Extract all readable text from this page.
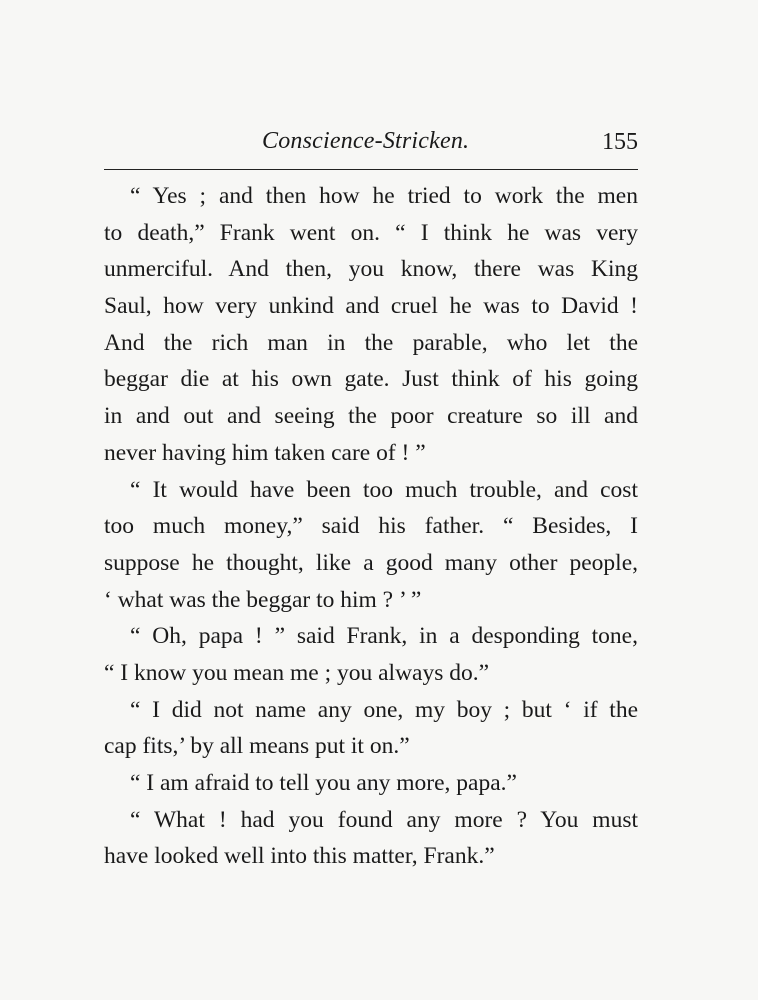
Conscience-Stricken.	155
“ Yes ; and then how he tried to work the men
to death,” Frank went on. “ I think he was very
unmerciful. And then, you know, there was King
Saul, how very unkind and cruel he was to David !
And the rich man in the parable, who let the
beggar die at his own gate. Just think of his going
in and out and seeing the poor creature so ill and
never having him taken care of ! ”
“ It would have been too much trouble, and cost
too much money,” said his father. “ Besides, I
suppose he thought, like a good many other people,
‘ what was the beggar to him ? ’ ”
“ Oh, papa ! ” said Frank, in a desponding tone,
“ I know you mean me ; you always do.”
“ I did not name any one, my boy ; but ‘ if the
cap fits,’ by all means put it on.”
“ I am afraid to tell you any more, papa.”
“ What ! had you found any more ? You must
have looked well into this matter, Frank.”
